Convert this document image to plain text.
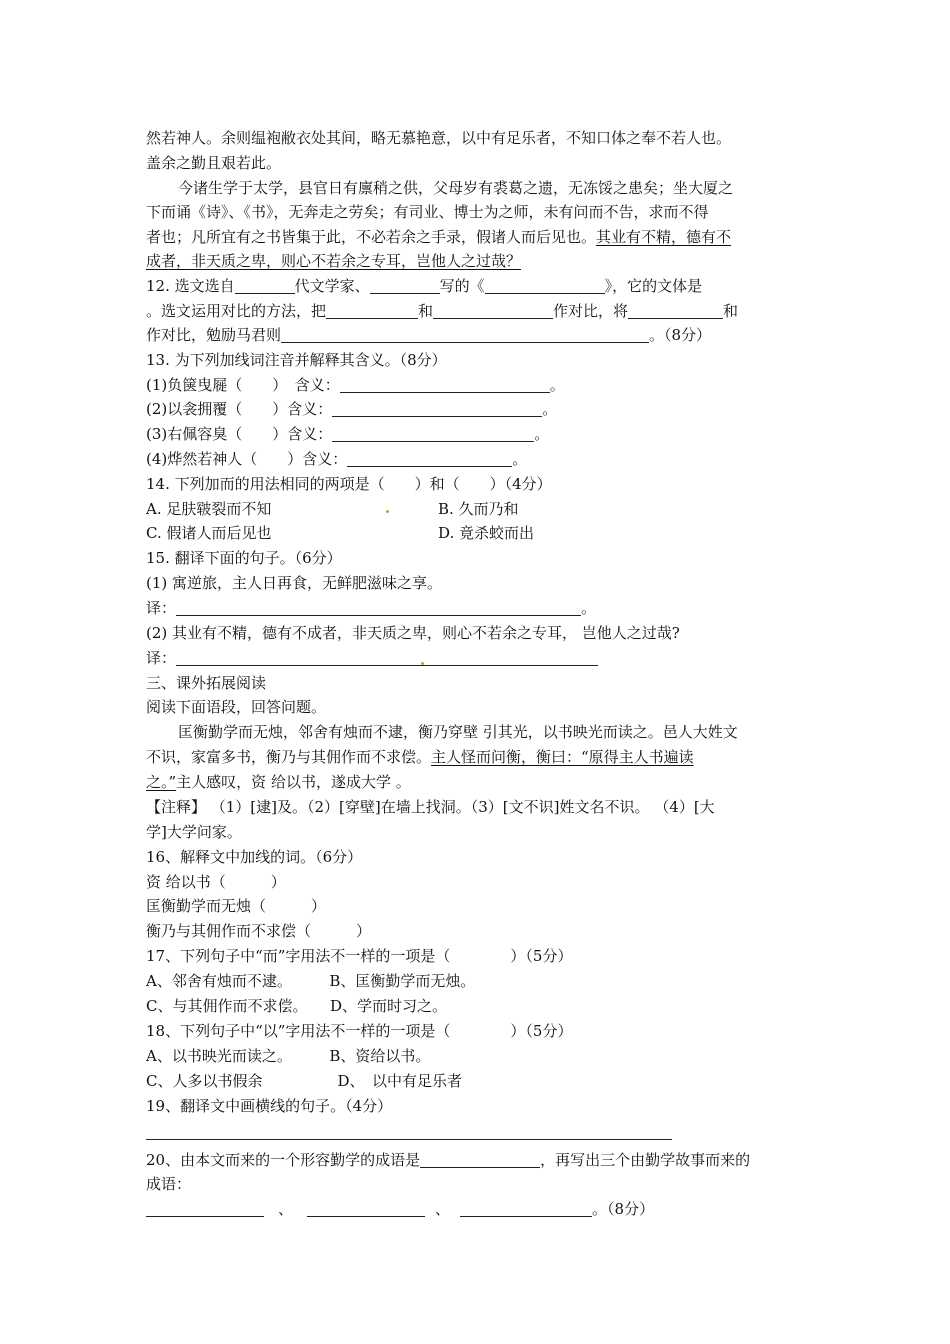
然若神人。余则缊袍敝衣处其间，略无慕艳意，以中有足乐者，不知口体之奉不若人也。
盖余之勤且艰若此。
今诸生学于太学，县官日有廪稍之供，父母岁有裘葛之遗，无冻馁之患矣；坐大厦之
下而诵《诗》、《书》，无奔走之劳矣；有司业、博士为之师，未有问而不告，求而不得
者也；凡所宜有之书皆集于此，不必若余之手录，假诸人而后见也。其业有不精，德有不
成者，非天质之卑，则心不若余之专耳，岂他人之过哉？
12. 选文选自	代文学家、	写的《	》，它的文体是
。选文运用对比的方法，把	和	作对比，将	和
作对比，勉励马君则	。（8分）
13. 为下列加线词注音并解释其含义。（8分）
(1)负箧曳屣（　　）　含义：	。
(2)以衾拥覆（　　）含义：	。
(3)右佩容臭（　　）含义：	。
(4)烨然若神人（　　）含义：	。
14. 下列加而的用法相同的两项是（　　）和（　　）（4分）
A. 足肤皲裂而不知	B. 久而乃和
C. 假诸人而后见也	D. 竟杀蛟而出
15. 翻译下面的句子。（6分）
(1) 寓逆旅，主人日再食，无鲜肥滋味之享。
译：	。
(2) 其业有不精，德有不成者，非天质之卑，则心不若余之专耳， 岂他人之过哉?
译：
三、课外拓展阅读
阅读下面语段，回答问题。
匡衡勤学而无烛，邻舍有烛而不逮，衡乃穿壁 引其光，以书映光而读之。邑人大姓文
不识，家富多书，衡乃与其佣作而不求偿。主人怪而问衡，衡曰：“原得主人书遍读
之。”主人感叹，资 给以书，遂成大学 。
【注释】 （1）[逮]及。（2）[穿壁]在墙上找洞。（3）[文不识]姓文名不识。 （4）[大
学]大学问家。
16、解释文中加线的词。（6分）
资 给以书（　　　）
匡衡勤学而无烛（　　　）
衡乃与其佣作而不求偿（　　　）
17、下列句子中“而”字用法不一样的一项是（　　　　）（5分）
A、邻舍有烛而不逮。　　　B、匡衡勤学而无烛。
C、与其佣作而不求偿。　　D、学而时习之。
18、下列句子中“以”字用法不一样的一项是（　　　　）（5分）
A、以书映光而读之。　　　B、资给以书。
C、人多以书假余　　　　　D、　以中有足乐者
19、翻译文中画横线的句子。（4分）
20、由本文而来的一个形容勤学的成语是	，再写出三个由勤学故事而来的
成语：
、	、	。（8分）
